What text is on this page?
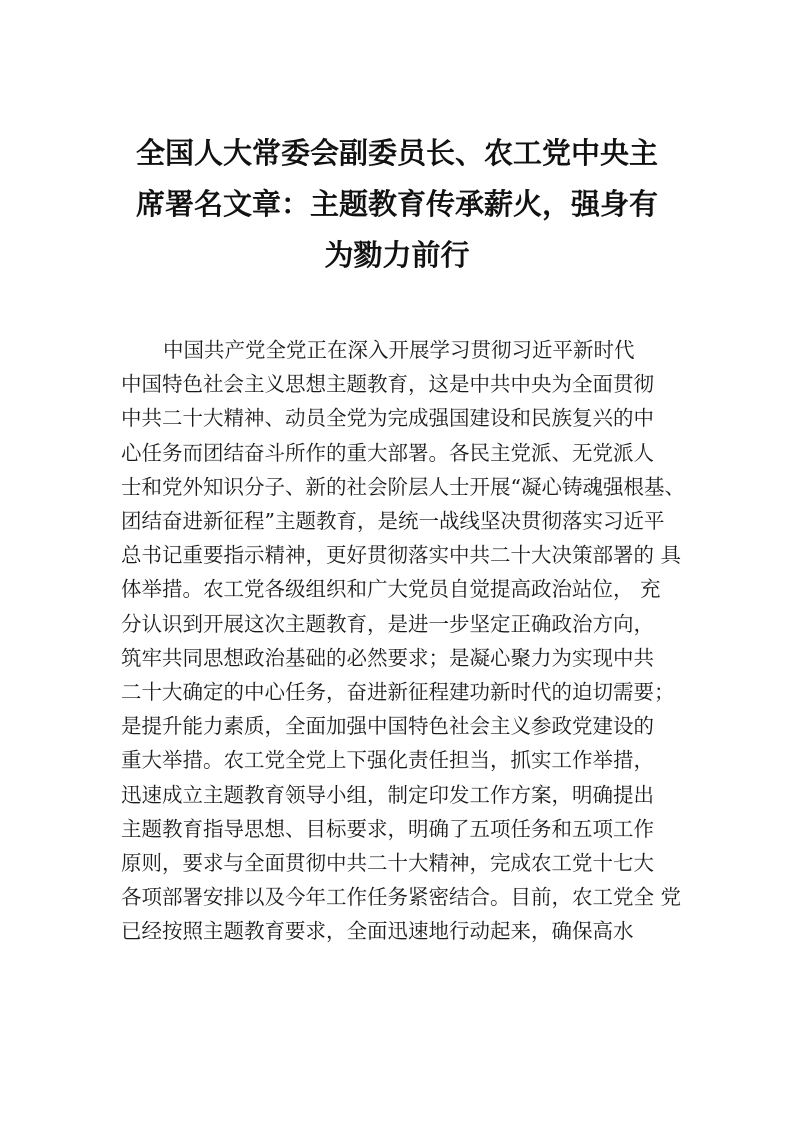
全国人大常委会副委员长、农工党中央主
席署名文章：主题教育传承薪火，强身有
为勠力前行

中国共产党全党正在深入开展学习贯彻习近平新时代
中国特色社会主义思想主题教育，这是中共中央为全面贯彻
中共二十大精神、动员全党为完成强国建设和民族复兴的中
心任务而团结奋斗所作的重大部署。各民主党派、无党派人
士和党外知识分子、新的社会阶层人士开展“凝心铸魂强根基、
团结奋进新征程”主题教育，是统一战线坚决贯彻落实习近平
总书记重要指示精神，更好贯彻落实中共二十大决策部署的 具
体举措。农工党各级组织和广大党员自觉提高政治站位， 充
分认识到开展这次主题教育，是进一步坚定正确政治方向，
筑牢共同思想政治基础的必然要求；是凝心聚力为实现中共
二十大确定的中心任务，奋进新征程建功新时代的迫切需要；
是提升能力素质，全面加强中国特色社会主义参政党建设的
重大举措。农工党全党上下强化责任担当，抓实工作举措，
迅速成立主题教育领导小组，制定印发工作方案，明确提出
主题教育指导思想、目标要求，明确了五项任务和五项工作
原则，要求与全面贯彻中共二十大精神，完成农工党十七大
各项部署安排以及今年工作任务紧密结合。目前，农工党全 党
已经按照主题教育要求，全面迅速地行动起来，确保高水
